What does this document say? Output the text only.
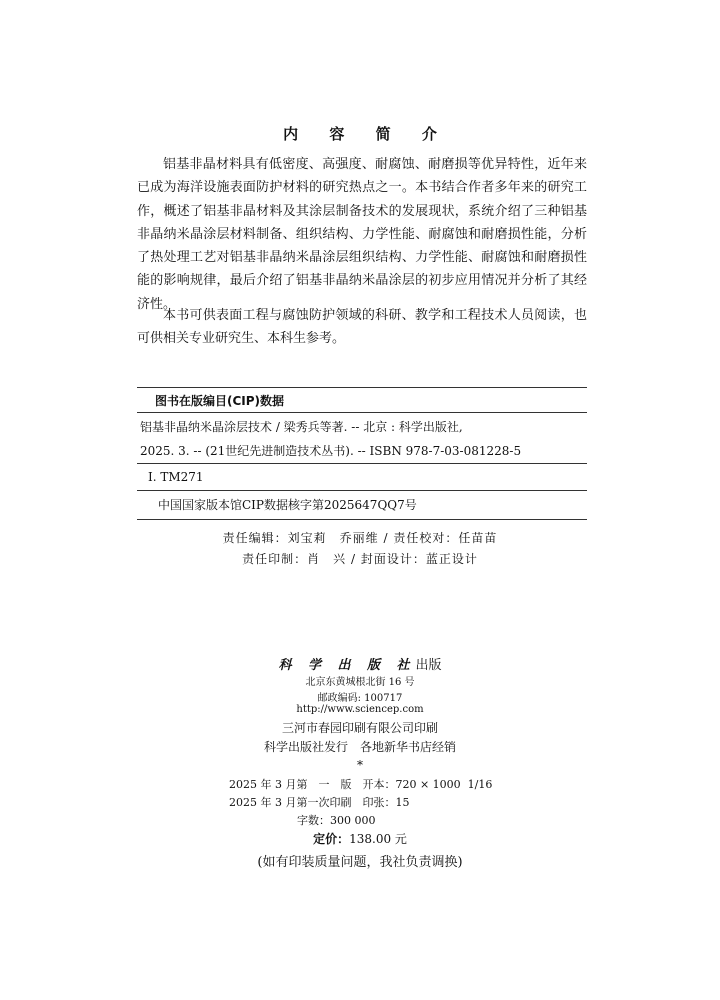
内 容 简 介

铝基非晶材料具有低密度、高强度、耐腐蚀、耐磨损等优异特性，近年来已成为海洋设施表面防护材料的研究热点之一。本书结合作者多年来的研究工作，概述了铝基非晶材料及其涂层制备技术的发展现状，系统介绍了三种铝基非晶纳米晶涂层材料制备、组织结构、力学性能、耐腐蚀和耐磨损性能，分析了热处理工艺对铝基非晶纳米晶涂层组织结构、力学性能、耐腐蚀和耐磨损性能的影响规律，最后介绍了铝基非晶纳米晶涂层的初步应用情况并分析了其经济性。

本书可供表面工程与腐蚀防护领域的科研、教学和工程技术人员阅读，也可供相关专业研究生、本科生参考。

图书在版编目(CIP)数据
铝基非晶纳米晶涂层技术 / 梁秀兵等著. -- 北京 : 科学出版社,
2025. 3. -- (21世纪先进制造技术丛书). -- ISBN 978-7-03-081228-5
Ⅰ. TM271
中国国家版本馆CIP数据核字第2025647QQ7号
责任编辑：刘宝莉　乔丽维 / 责任校对：任苗苗
责任印制：肖　兴 / 封面设计：蓝正设计
科 学 出 版 社出版
北京东黄城根北街 16 号
邮政编码: 100717
http://www.sciencep.com
三河市春园印刷有限公司印刷
科学出版社发行　各地新华书店经销
*
2025 年 3 月第　一　版　开本：720 × 1000  1/16
2025 年 3 月第一次印刷　印张：15
字数：300 000
定价：138.00 元
(如有印装质量问题，我社负责调换)
